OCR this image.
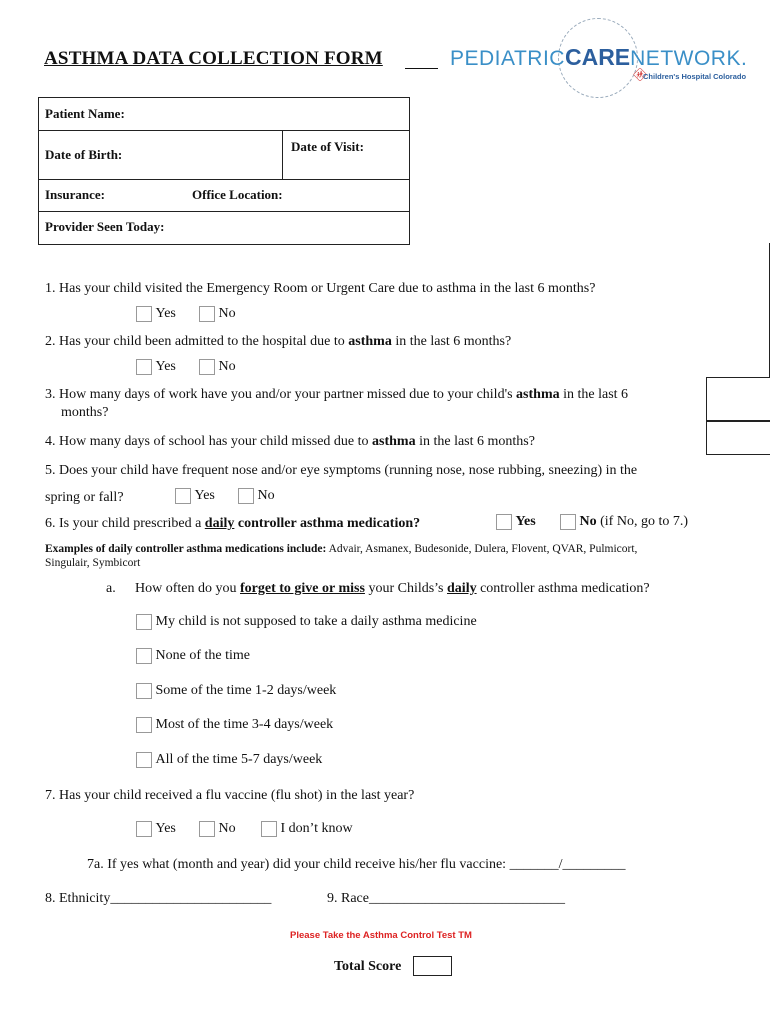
ASTHMA DATA COLLECTION FORM	PEDIATRICCARENETWORK.
🚸︎
Children's Hospital Colorado
Patient Name:
Date of Birth:
Date of Visit:
Insurance:	Office Location:
Provider Seen Today:
1. Has your child visited the Emergency Room or Urgent Care due to asthma in the last 6 months?
Yes	No
2. Has your child been admitted to the hospital due to asthma in the last 6 months?
Yes	No
3. How many days of work have you and/or your partner missed due to your child's asthma in the last 6
months?
4. How many days of school has your child missed due to asthma in the last 6 months?
5. Does your child have frequent nose and/or eye symptoms (running nose, nose rubbing, sneezing) in the
spring or fall?	Yes	No
6. Is your child prescribed a daily controller asthma medication?	Yes	No (if No, go to 7.)
Examples of daily controller asthma medications include: Advair, Asmanex, Budesonide, Dulera, Flovent, QVAR, Pulmicort,
Singulair, Symbicort
a. How often do you forget to give or miss your Childs’s daily controller asthma medication?
My child is not supposed to take a daily asthma medicine
None of the time
Some of the time 1-2 days/week
Most of the time 3-4 days/week
All of the time 5-7 days/week
7. Has your child received a flu vaccine (flu shot) in the last year?
Yes	No	I don’t know
7a. If yes what (month and year) did your child receive his/her flu vaccine: _______/_________
8. Ethnicity_______________________	9. Race____________________________
Please Take the Asthma Control Test TM
Total Score
